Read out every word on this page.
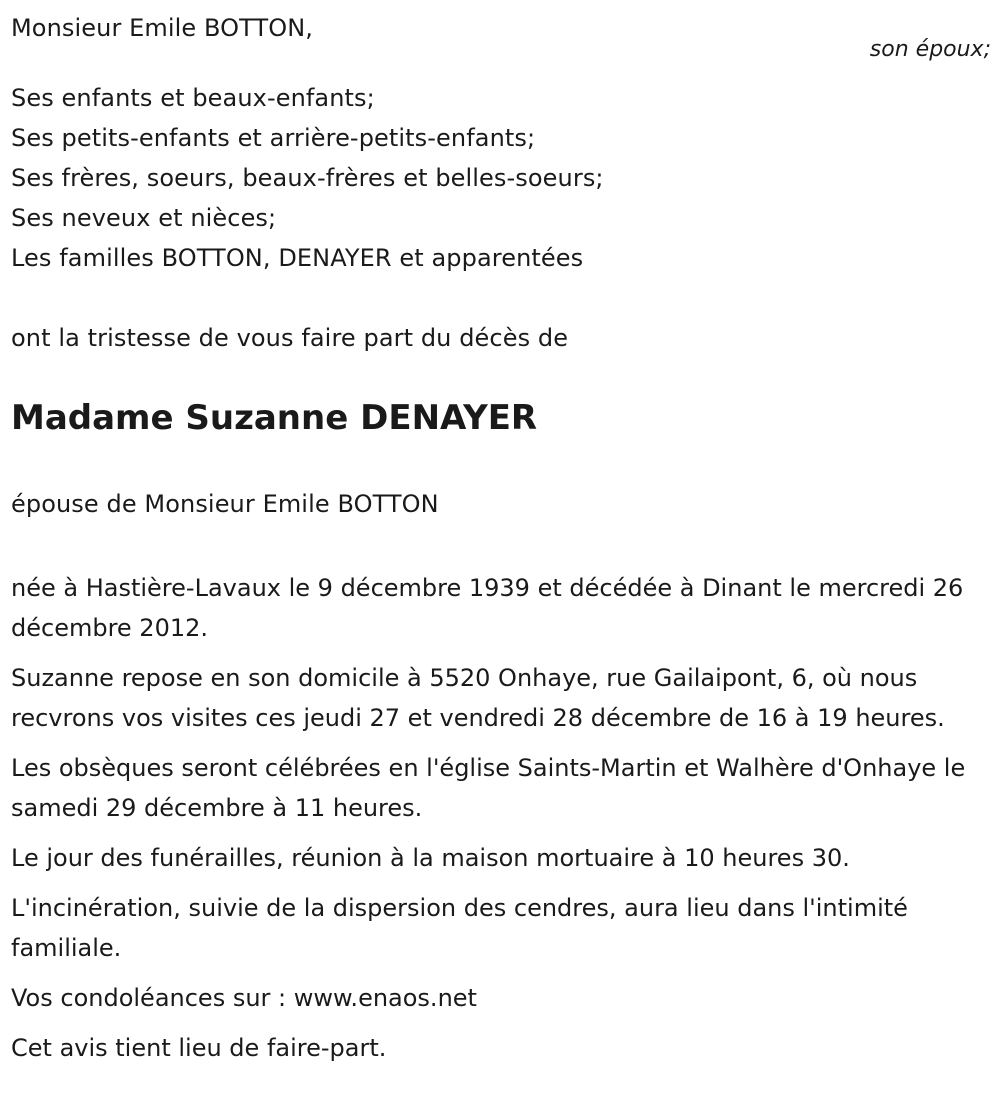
Monsieur Emile BOTTON,
son époux;
Ses enfants et beaux-enfants;
Ses petits-enfants et arrière-petits-enfants;
Ses frères, soeurs, beaux-frères et belles-soeurs;
Ses neveux et nièces;
Les familles BOTTON, DENAYER et apparentées
ont la tristesse de vous faire part du décès de
Madame Suzanne DENAYER
épouse de Monsieur Emile BOTTON

née à Hastière-Lavaux le 9 décembre 1939 et décédée à Dinant le mercredi 26 décembre 2012.

Suzanne repose en son domicile à 5520 Onhaye, rue Gailaipont, 6, où nous recvrons vos visites ces jeudi 27 et vendredi 28 décembre de 16 à 19 heures.

Les obsèques seront célébrées en l'église Saints-Martin et Walhère d'Onhaye le samedi 29 décembre à 11 heures.

Le jour des funérailles, réunion à la maison mortuaire à 10 heures 30.

L'incinération, suivie de la dispersion des cendres, aura lieu dans l'intimité familiale.

Vos condoléances sur : www.enaos.net

Cet avis tient lieu de faire-part.
